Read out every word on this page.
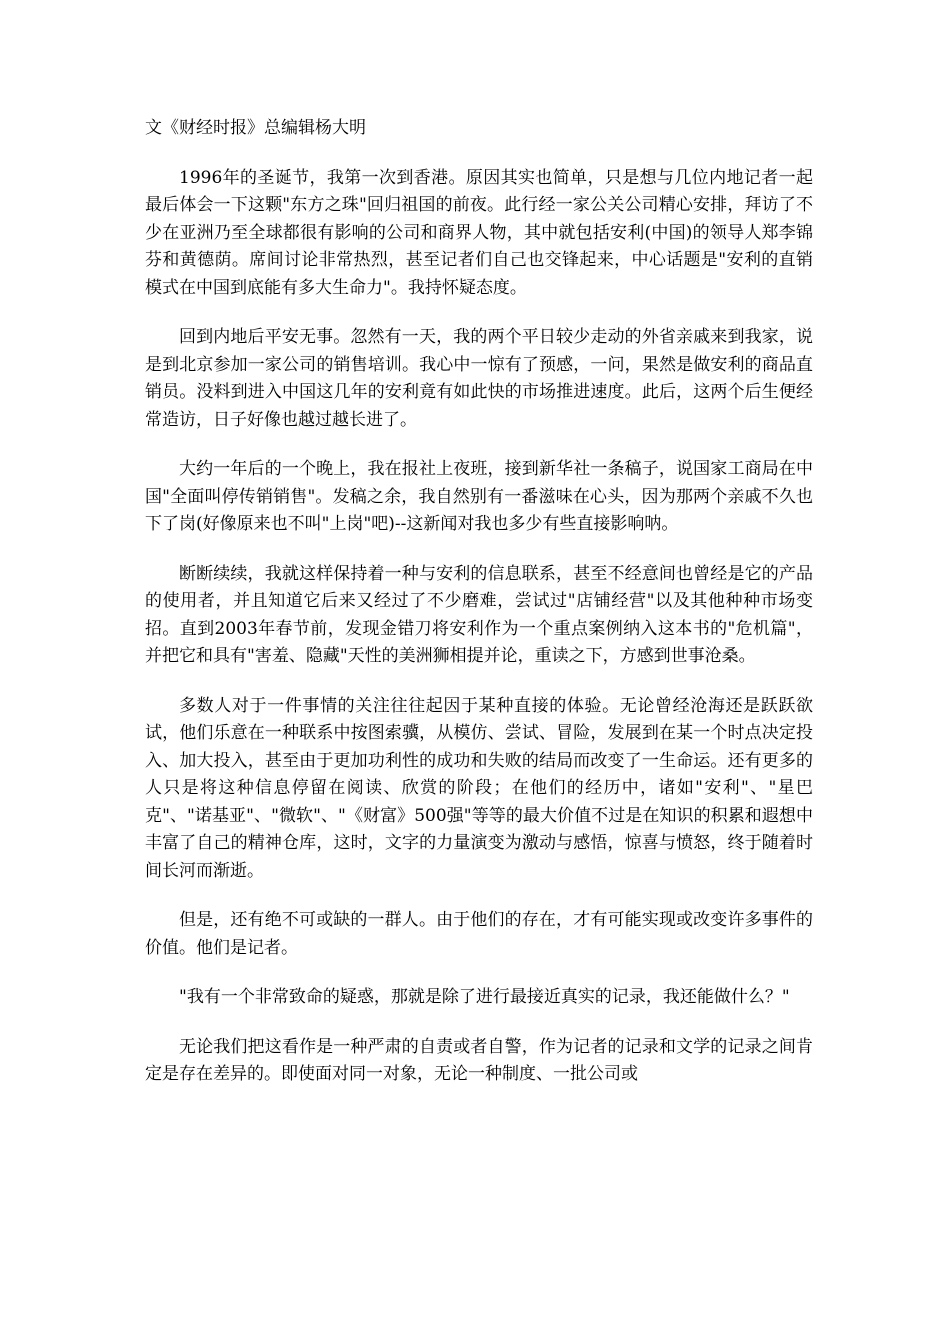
文《财经时报》总编辑杨大明

1996年的圣诞节，我第一次到香港。原因其实也简单，只是想与几位内地记者一起最后体会一下这颗"东方之珠"回归祖国的前夜。此行经一家公关公司精心安排，拜访了不少在亚洲乃至全球都很有影响的公司和商界人物，其中就包括安利(中国)的领导人郑李锦芬和黄德荫。席间讨论非常热烈，甚至记者们自己也交锋起来，中心话题是"安利的直销模式在中国到底能有多大生命力"。我持怀疑态度。

回到内地后平安无事。忽然有一天，我的两个平日较少走动的外省亲戚来到我家，说是到北京参加一家公司的销售培训。我心中一惊有了预感，一问，果然是做安利的商品直销员。没料到进入中国这几年的安利竟有如此快的市场推进速度。此后，这两个后生便经常造访，日子好像也越过越长进了。

大约一年后的一个晚上，我在报社上夜班，接到新华社一条稿子，说国家工商局在中国"全面叫停传销销售"。发稿之余，我自然别有一番滋味在心头，因为那两个亲戚不久也下了岗(好像原来也不叫"上岗"吧)--这新闻对我也多少有些直接影响呐。

断断续续，我就这样保持着一种与安利的信息联系，甚至不经意间也曾经是它的产品的使用者，并且知道它后来又经过了不少磨难，尝试过"店铺经营"以及其他种种市场变招。直到2003年春节前，发现金错刀将安利作为一个重点案例纳入这本书的"危机篇"，并把它和具有"害羞、隐藏"天性的美洲狮相提并论，重读之下，方感到世事沧桑。

多数人对于一件事情的关注往往起因于某种直接的体验。无论曾经沧海还是跃跃欲试，他们乐意在一种联系中按图索骥，从模仿、尝试、冒险，发展到在某一个时点决定投入、加大投入，甚至由于更加功利性的成功和失败的结局而改变了一生命运。还有更多的人只是将这种信息停留在阅读、欣赏的阶段；在他们的经历中，诸如"安利"、"星巴克"、"诺基亚"、"微软"、"《财富》500强"等等的最大价值不过是在知识的积累和遐想中丰富了自己的精神仓库，这时，文字的力量演变为激动与感悟，惊喜与愤怒，终于随着时间长河而渐逝。

但是，还有绝不可或缺的一群人。由于他们的存在，才有可能实现或改变许多事件的价值。他们是记者。

"我有一个非常致命的疑惑，那就是除了进行最接近真实的记录，我还能做什么？"

无论我们把这看作是一种严肃的自责或者自警，作为记者的记录和文学的记录之间肯定是存在差异的。即使面对同一对象，无论一种制度、一批公司或
